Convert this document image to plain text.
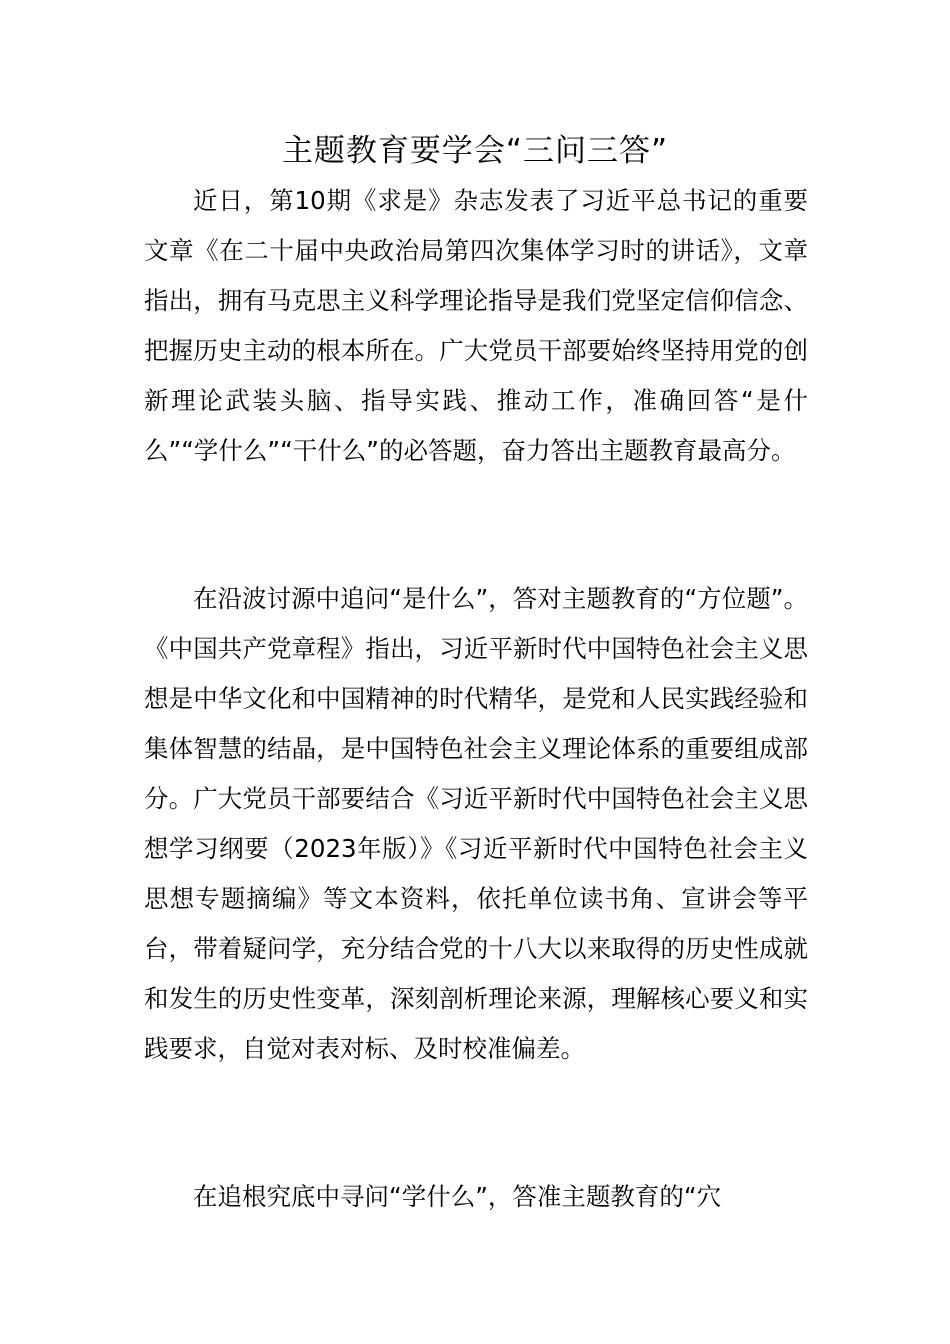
主题教育要学会“三问三答”

近日，第10期《求是》杂志发表了习近平总书记的重要文章《在二十届中央政治局第四次集体学习时的讲话》，文章指出，拥有马克思主义科学理论指导是我们党坚定信仰信念、把握历史主动的根本所在。广大党员干部要始终坚持用党的创新理论武装头脑、指导实践、推动工作，准确回答“是什么”“学什么”“干什么”的必答题，奋力答出主题教育最高分。

在沿波讨源中追问“是什么”，答对主题教育的“方位题”。《中国共产党章程》指出，习近平新时代中国特色社会主义思想是中华文化和中国精神的时代精华，是党和人民实践经验和集体智慧的结晶，是中国特色社会主义理论体系的重要组成部分。广大党员干部要结合《习近平新时代中国特色社会主义思想学习纲要（2023年版）》《习近平新时代中国特色社会主义思想专题摘编》等文本资料，依托单位读书角、宣讲会等平台，带着疑问学，充分结合党的十八大以来取得的历史性成就和发生的历史性变革，深刻剖析理论来源，理解核心要义和实践要求，自觉对表对标、及时校准偏差。

在追根究底中寻问“学什么”，答准主题教育的“穴
